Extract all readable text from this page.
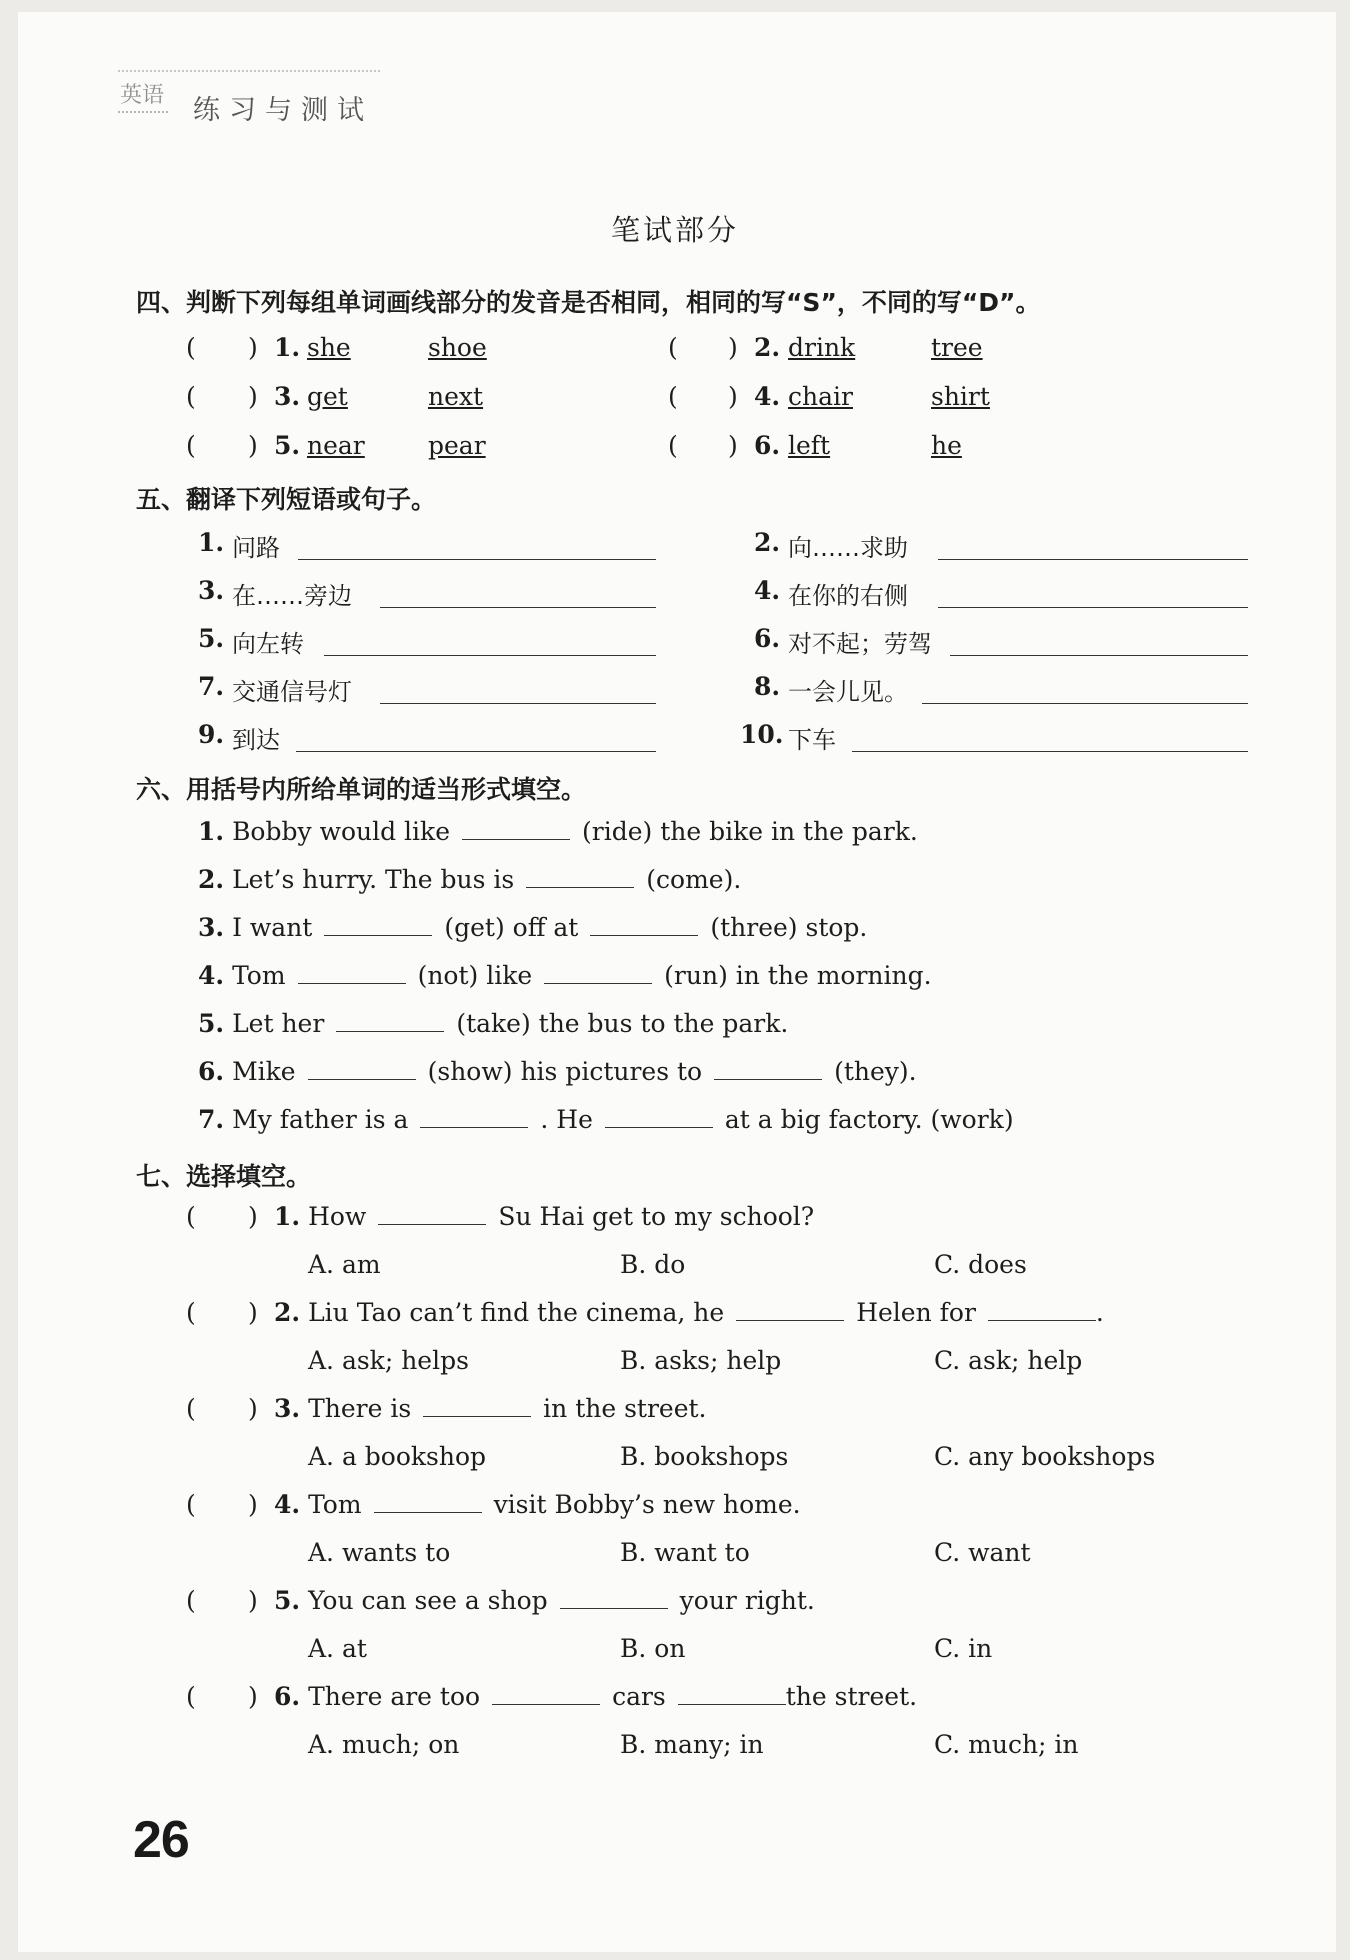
英语 练习与测试
笔试部分
四、判断下列每组单词画线部分的发音是否相同，相同的写“S”，不同的写“D”。
( ) 1. she	shoe	( ) 2. drink	tree
( ) 3. get	next	( ) 4. chair	shirt
( ) 5. near	pear	( ) 6. left	he
五、翻译下列短语或句子。
1. 问路	2. 向……求助
3. 在……旁边	4. 在你的右侧
5. 向左转	6. 对不起；劳驾
7. 交通信号灯	8. 一会儿见。
9. 到达	10. 下车
六、用括号内所给单词的适当形式填空。
1. Bobby would like	(ride) the bike in the park.
2. Let’s hurry. The bus is	(come).
3. I want	(get) off at	(three) stop.
4. Tom	(not) like	(run) in the morning.
5. Let her	(take) the bus to the park.
6. Mike	(show) his pictures to	(they).
7. My father is a	. He	at a big factory. (work)
七、选择填空。
( ) 1. How	Su Hai get to my school?
A. am	B. do	C. does
( ) 2. Liu Tao can’t find the cinema, he	Helen for	.
A. ask; helps	B. asks; help	C. ask; help
( ) 3. There is	in the street.
A. a bookshop	B. bookshops	C. any bookshops
( ) 4. Tom	visit Bobby’s new home.
A. wants to	B. want to	C. want
( ) 5. You can see a shop	your right.
A. at	B. on	C. in
( ) 6. There are too	cars	the street.
A. much; on	B. many; in	C. much; in
26
